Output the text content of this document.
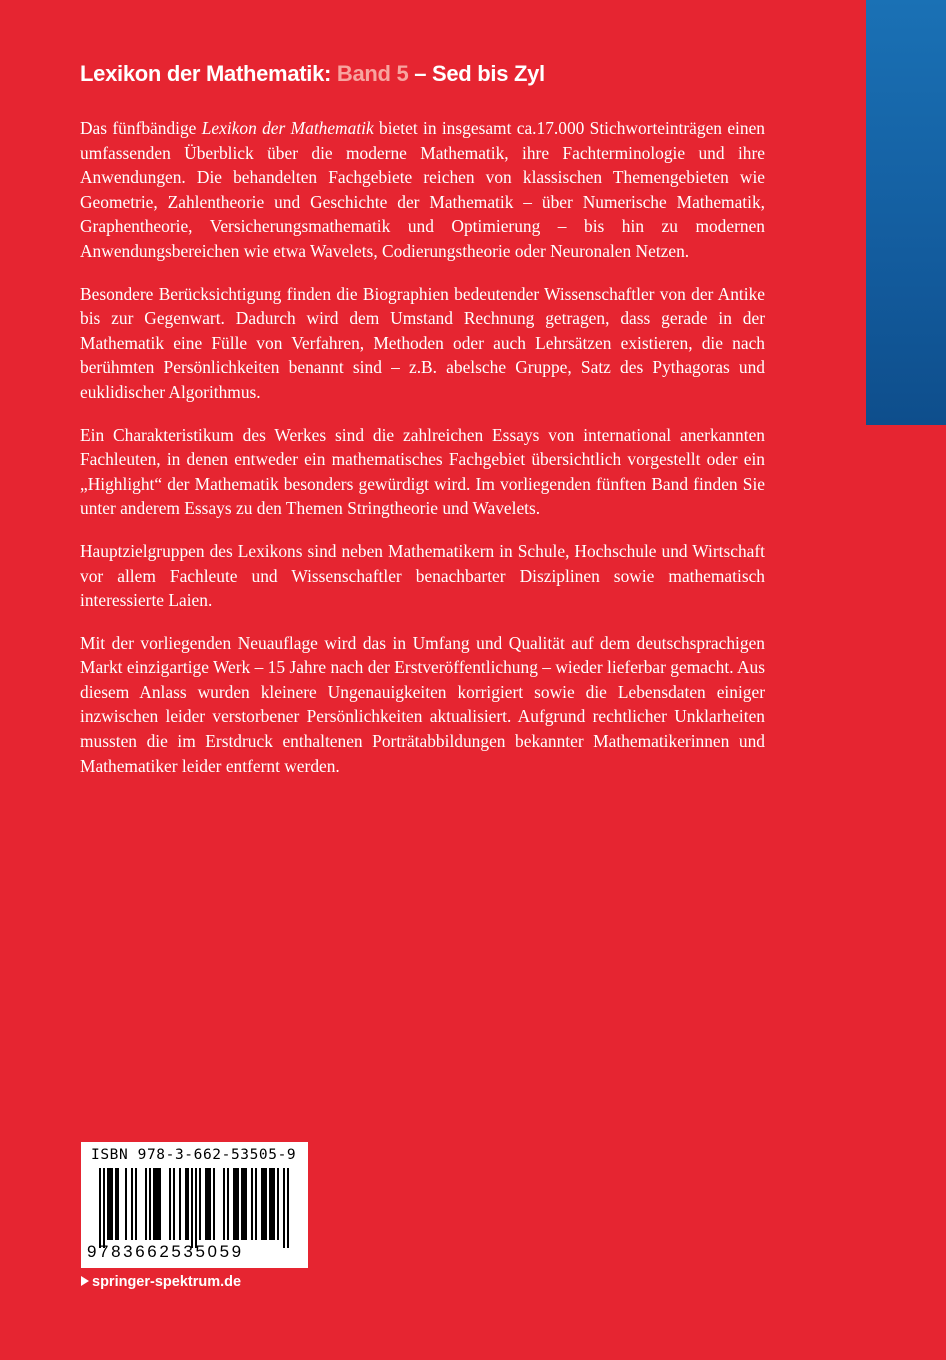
Lexikon der Mathematik: Band 5 – Sed bis Zyl

Das fünfbändige Lexikon der Mathematik bietet in insgesamt ca.17.000 Stichworteinträgen einen umfassenden Überblick über die moderne Mathematik, ihre Fachterminologie und ihre Anwendungen. Die behandelten Fachgebiete reichen von klassischen Themengebieten wie Geometrie, Zahlentheorie und Geschichte der Mathematik – über Numerische Mathematik, Graphentheorie, Versicherungsmathematik und Optimierung – bis hin zu modernen Anwendungsbereichen wie etwa Wavelets, Codierungstheorie oder Neuronalen Netzen.

Besondere Berücksichtigung finden die Biographien bedeutender Wissenschaftler von der Antike bis zur Gegenwart. Dadurch wird dem Umstand Rechnung getragen, dass gerade in der Mathematik eine Fülle von Verfahren, Methoden oder auch Lehrsätzen existieren, die nach berühmten Persönlichkeiten benannt sind – z.B. abelsche Gruppe, Satz des Pythagoras und euklidischer Algorithmus.

Ein Charakteristikum des Werkes sind die zahlreichen Essays von international anerkannten Fachleuten, in denen entweder ein mathematisches Fachgebiet übersichtlich vorgestellt oder ein „Highlight“ der Mathematik besonders gewürdigt wird. Im vorliegenden fünften Band finden Sie unter anderem Essays zu den Themen Stringtheorie und Wavelets.

Hauptzielgruppen des Lexikons sind neben Mathematikern in Schule, Hochschule und Wirtschaft vor allem Fachleute und Wissenschaftler benachbarter Disziplinen sowie mathematisch interessierte Laien.

Mit der vorliegenden Neuauflage wird das in Umfang und Qualität auf dem deutschsprachigen Markt einzigartige Werk – 15 Jahre nach der Erstveröffentlichung – wieder lieferbar gemacht. Aus diesem Anlass wurden kleinere Ungenauigkeiten korrigiert sowie die Lebensdaten einiger inzwischen leider verstorbener Persönlichkeiten aktualisiert. Aufgrund rechtlicher Unklarheiten mussten die im Erstdruck enthaltenen Porträtabbildungen bekannter Mathematikerinnen und Mathematiker leider entfernt werden.

ISBN 978-3-662-53505-9
9783662535059
springer-spektrum.de
